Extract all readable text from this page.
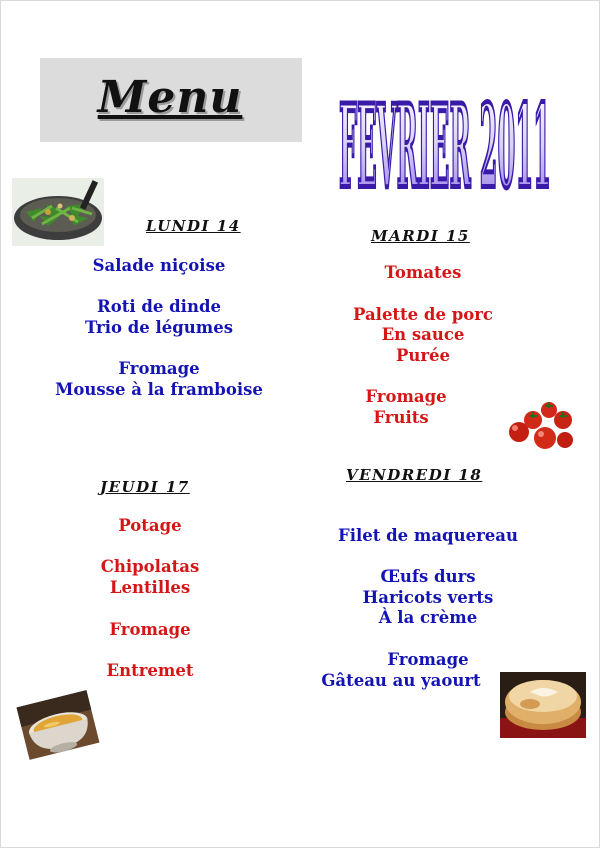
Menu	FEVRIER 2011
LUNDI 14
Salade niçoise
Roti de dinde
Trio de légumes
Fromage
Mousse à la framboise
MARDI 15
Tomates
Palette de porc
En sauce
Purée
Fromage
Fruits
JEUDI 17
Potage
Chipolatas
Lentilles
Fromage
Entremet
VENDREDI 18
Filet de maquereau
Œufs durs
Haricots verts
À la crème
Fromage
Gâteau au yaourt
